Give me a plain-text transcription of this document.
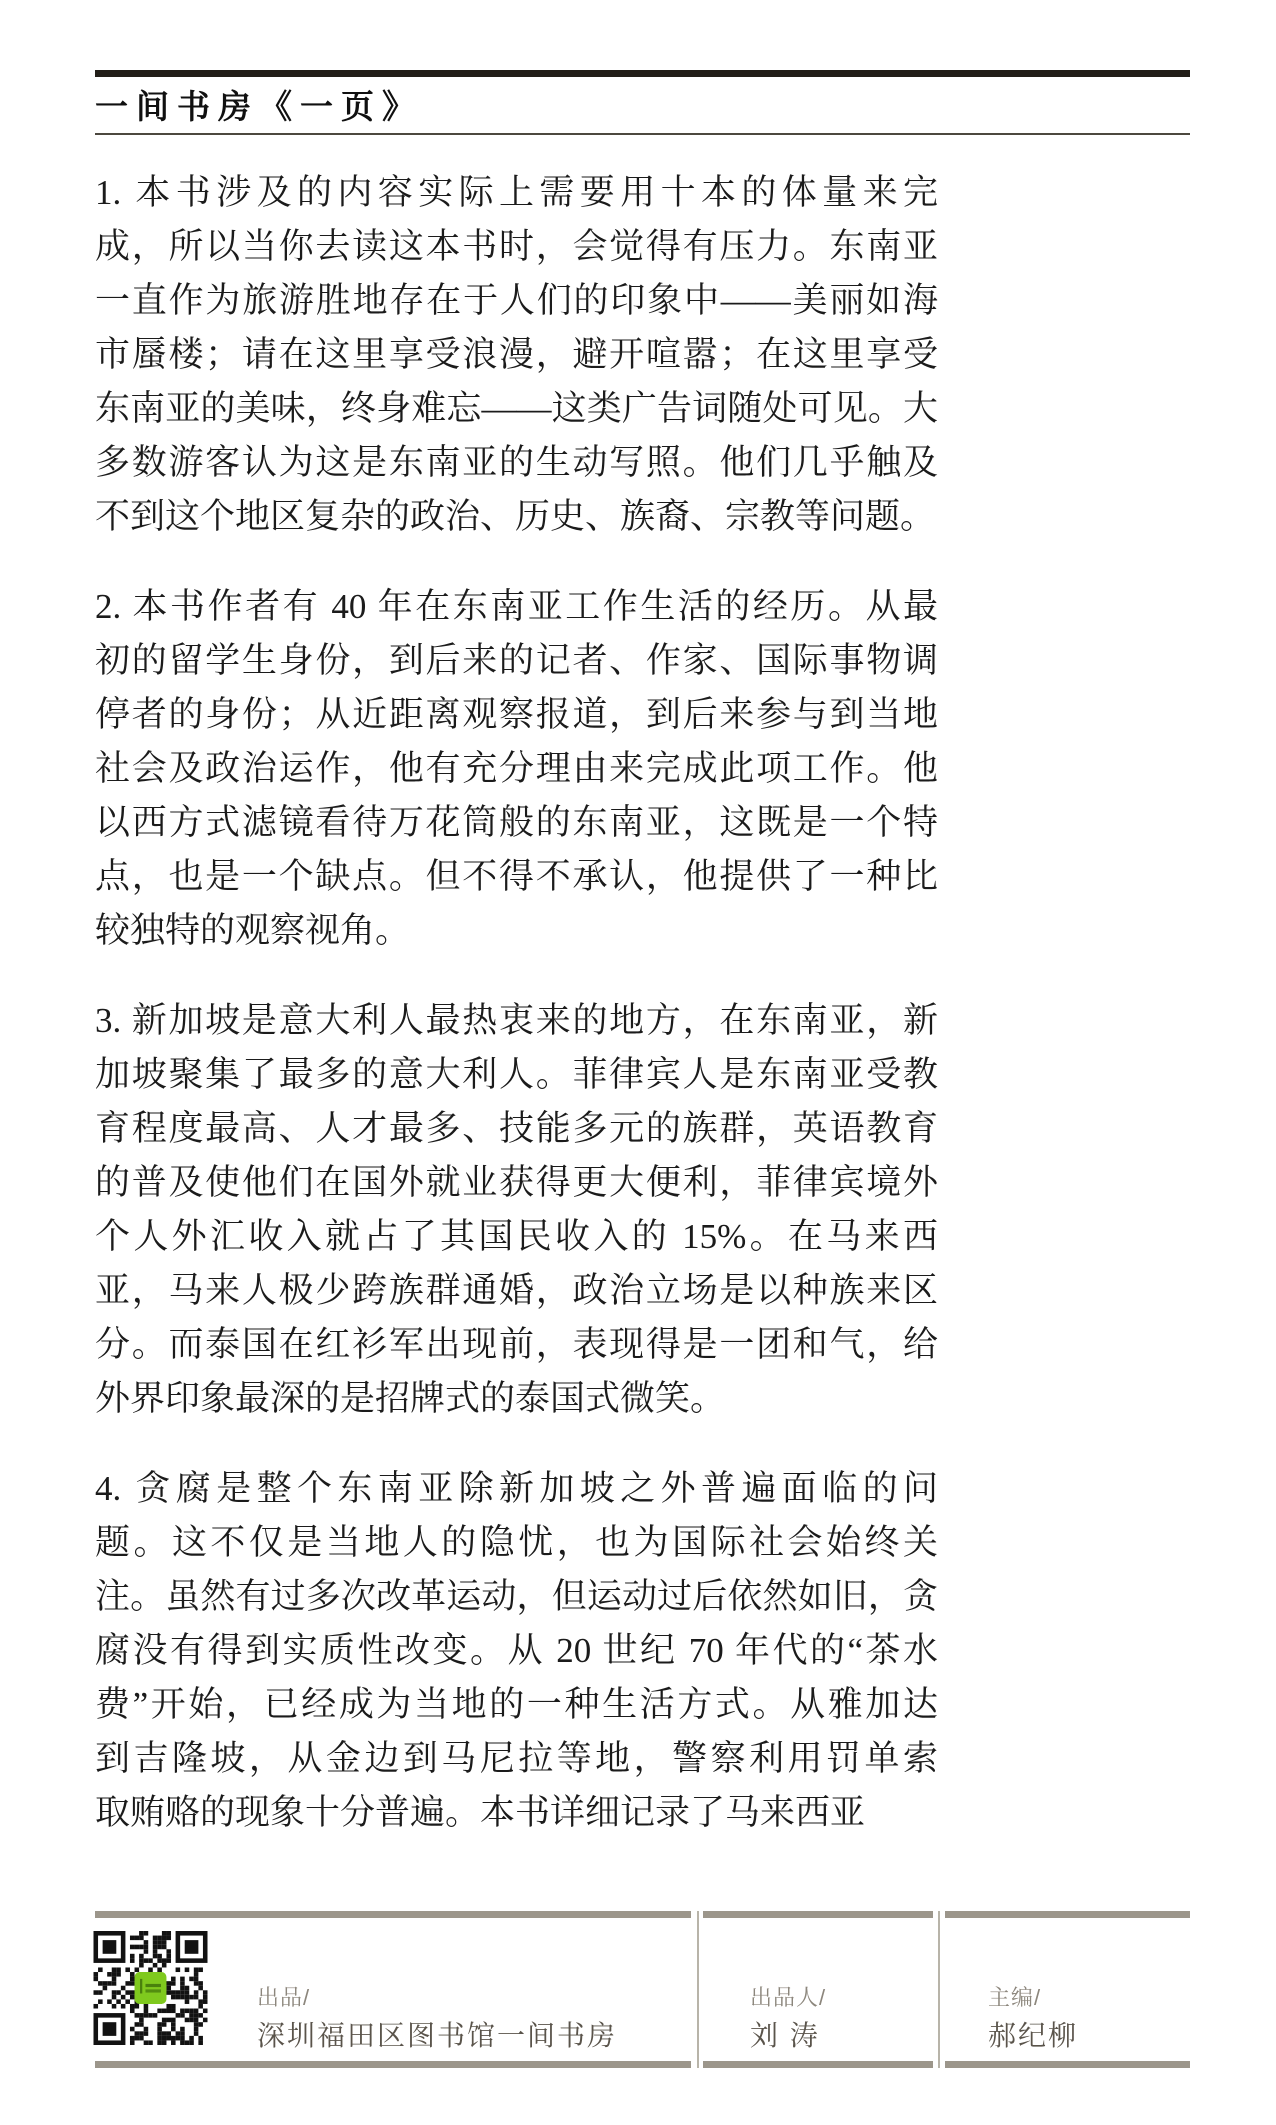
一间书房《一页》
1. 本书涉及的内容实际上需要用十本的体量来完
成，所以当你去读这本书时，会觉得有压力。东南亚
一直作为旅游胜地存在于人们的印象中——美丽如海
市蜃楼；请在这里享受浪漫，避开喧嚣；在这里享受
东南亚的美味，终身难忘——这类广告词随处可见。大
多数游客认为这是东南亚的生动写照。他们几乎触及
不到这个地区复杂的政治、历史、族裔、宗教等问题。
2. 本书作者有 40 年在东南亚工作生活的经历。从最
初的留学生身份，到后来的记者、作家、国际事物调
停者的身份；从近距离观察报道，到后来参与到当地
社会及政治运作，他有充分理由来完成此项工作。他
以西方式滤镜看待万花筒般的东南亚，这既是一个特
点，也是一个缺点。但不得不承认，他提供了一种比
较独特的观察视角。
3. 新加坡是意大利人最热衷来的地方，在东南亚，新
加坡聚集了最多的意大利人。菲律宾人是东南亚受教
育程度最高、人才最多、技能多元的族群，英语教育
的普及使他们在国外就业获得更大便利，菲律宾境外
个人外汇收入就占了其国民收入的 15%。在马来西
亚，马来人极少跨族群通婚，政治立场是以种族来区
分。而泰国在红衫军出现前，表现得是一团和气，给
外界印象最深的是招牌式的泰国式微笑。
4. 贪腐是整个东南亚除新加坡之外普遍面临的问
题。这不仅是当地人的隐忧，也为国际社会始终关
注。虽然有过多次改革运动，但运动过后依然如旧，贪
腐没有得到实质性改变。从 20 世纪 70 年代的“茶水
费”开始，已经成为当地的一种生活方式。从雅加达
到吉隆坡，从金边到马尼拉等地，警察利用罚单索
取贿赂的现象十分普遍。本书详细记录了马来西亚
出品/
深圳福田区图书馆一间书房
出品人/
刘 涛
主编/
郝纪柳
